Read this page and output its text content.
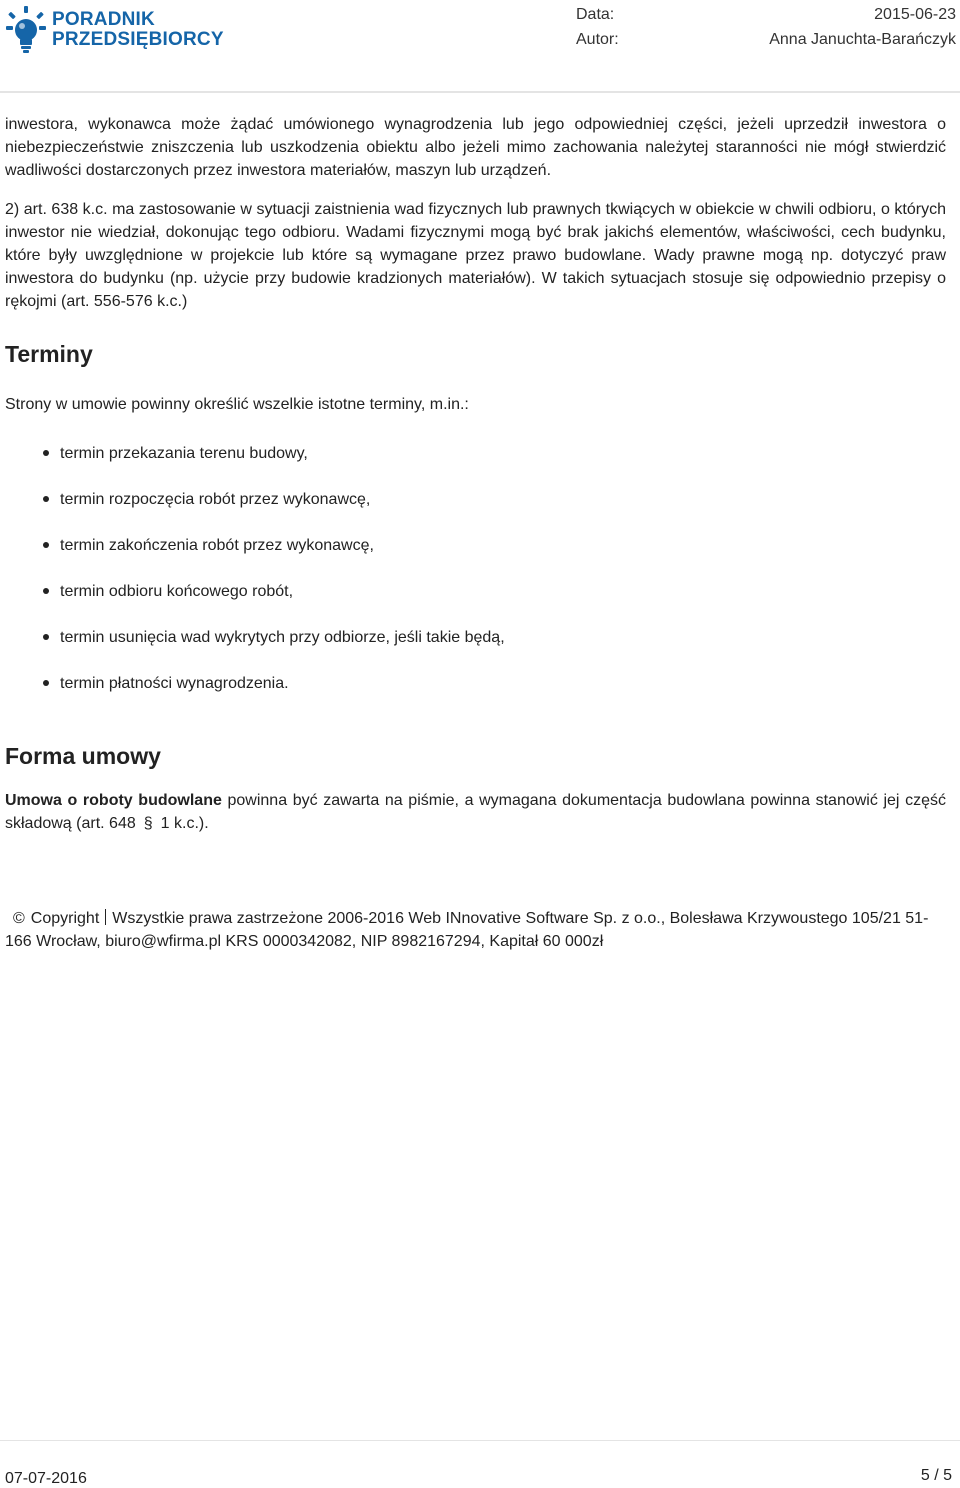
PORADNIK
PRZEDSIĘBIORCY
Data:
Autor:
2015-06-23
Anna Januchta-Barańczyk

inwestora, wykonawca może żądać umówionego wynagrodzenia lub jego odpowiedniej części, jeżeli uprzedził inwestora o niebezpieczeństwie zniszczenia lub uszkodzenia obiektu albo jeżeli mimo zachowania należytej staranności nie mógł stwierdzić wadliwości dostarczonych przez inwestora materiałów, maszyn lub urządzeń.

2) art. 638 k.c. ma zastosowanie w sytuacji zaistnienia wad fizycznych lub prawnych tkwiących w obiekcie w chwili odbioru, o których inwestor nie wiedział, dokonując tego odbioru. Wadami fizycznymi mogą być brak jakichś elementów, właściwości, cech budynku, które były uwzględnione w projekcie lub które są wymagane przez prawo budowlane. Wady prawne mogą np. dotyczyć praw inwestora do budynku (np. użycie przy budowie kradzionych materiałów). W takich sytuacjach stosuje się odpowiednio przepisy o rękojmi (art. 556-576 k.c.)

Terminy

Strony w umowie powinny określić wszelkie istotne terminy, m.in.:

termin przekazania terenu budowy,
termin rozpoczęcia robót przez wykonawcę,
termin zakończenia robót przez wykonawcę,
termin odbioru końcowego robót,
termin usunięcia wad wykrytych przy odbiorze, jeśli takie będą,
termin płatności wynagrodzenia.
Forma umowy

Umowa o roboty budowlane powinna być zawarta na piśmie, a wymagana dokumentacja budowlana powinna stanowić jej część składową (art. 648 § 1 k.c.).

© Copyright Wszystkie prawa zastrzeżone 2006-2016 Web INnovative Software Sp. z o.o., Bolesława Krzywoustego 105/21 51-166 Wrocław, biuro@wfirma.pl KRS 0000342082, NIP 8982167294, Kapitał 60 000zł
07-07-2016	5 / 5
